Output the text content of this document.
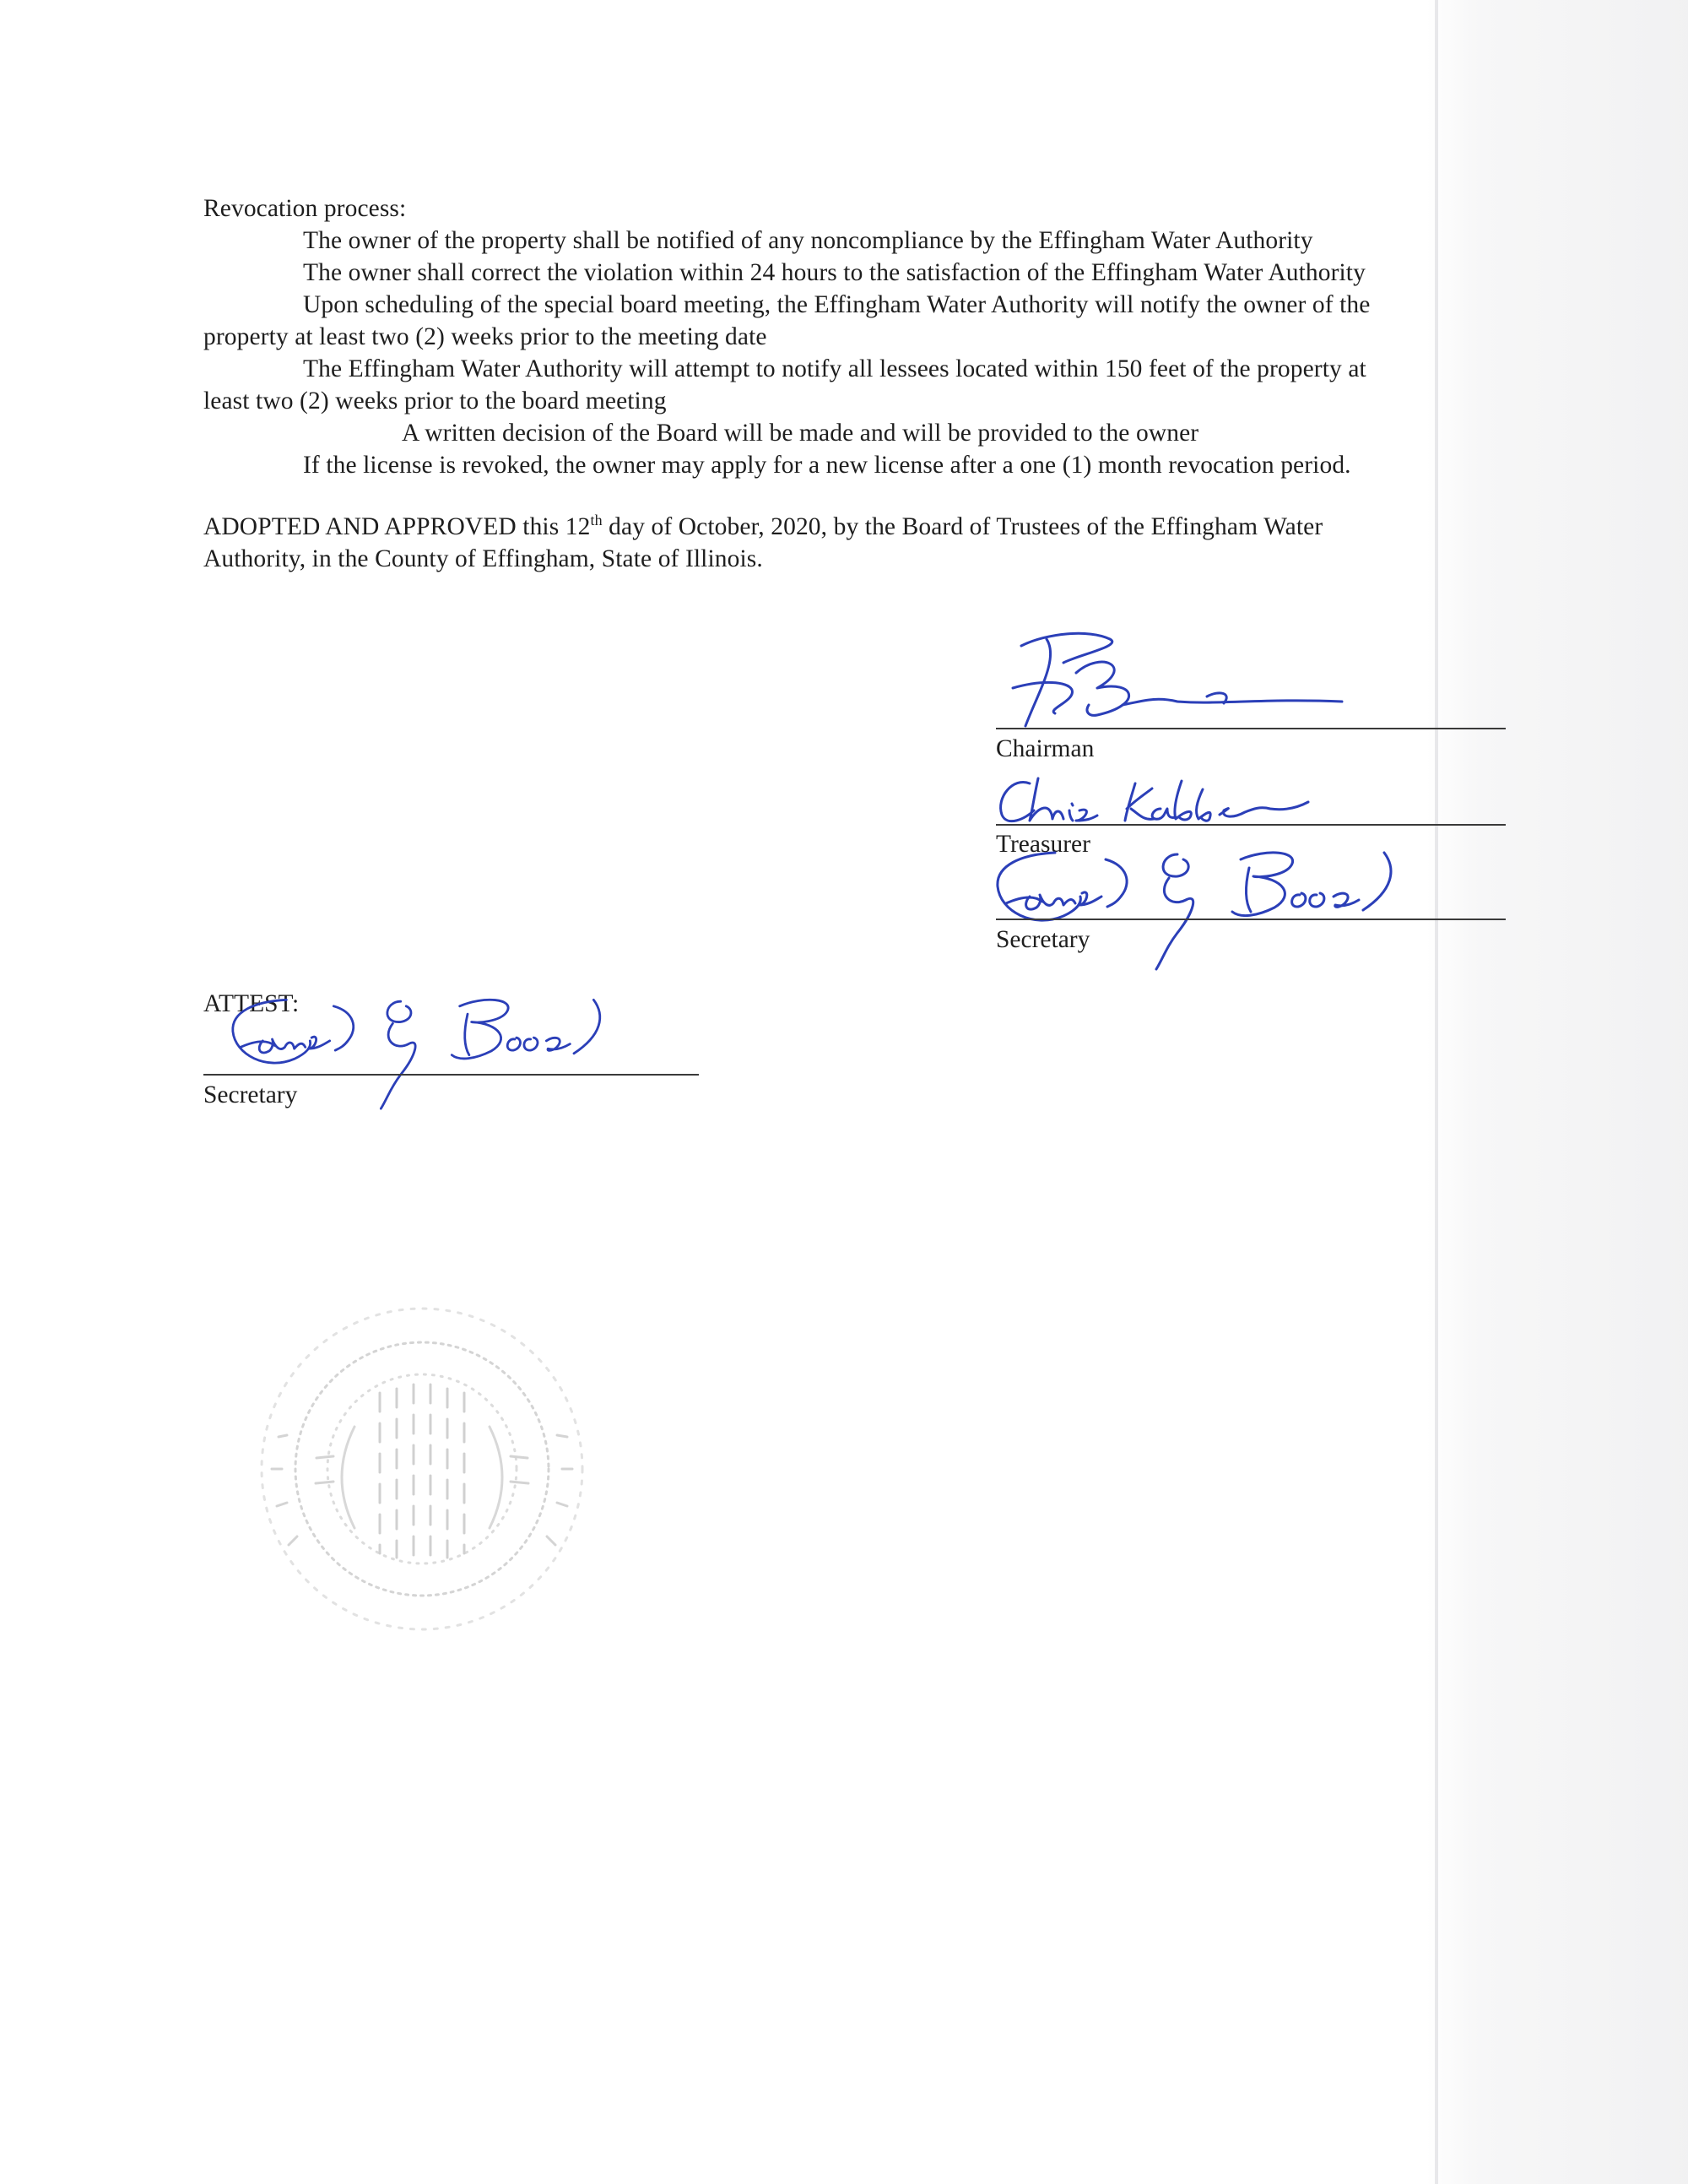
Revocation process:
The owner of the property shall be notified of any noncompliance by the Effingham Water Authority
The owner shall correct the violation within 24 hours to the satisfaction of the Effingham Water Authority
Upon scheduling of the special board meeting, the Effingham Water Authority will notify the owner of the
property at least two (2) weeks prior to the meeting date
The Effingham Water Authority will attempt to notify all lessees located within 150 feet of the property at
least two (2) weeks prior to the board meeting
A written decision of the Board will be made and will be provided to the owner
If the license is revoked, the owner may apply for a new license after a one (1) month revocation period.
ADOPTED AND APPROVED this 12th day of October, 2020, by the Board of Trustees of the Effingham Water
Authority, in the County of Effingham, State of Illinois.
Chairman
Treasurer
Secretary
ATTEST:
Secretary
